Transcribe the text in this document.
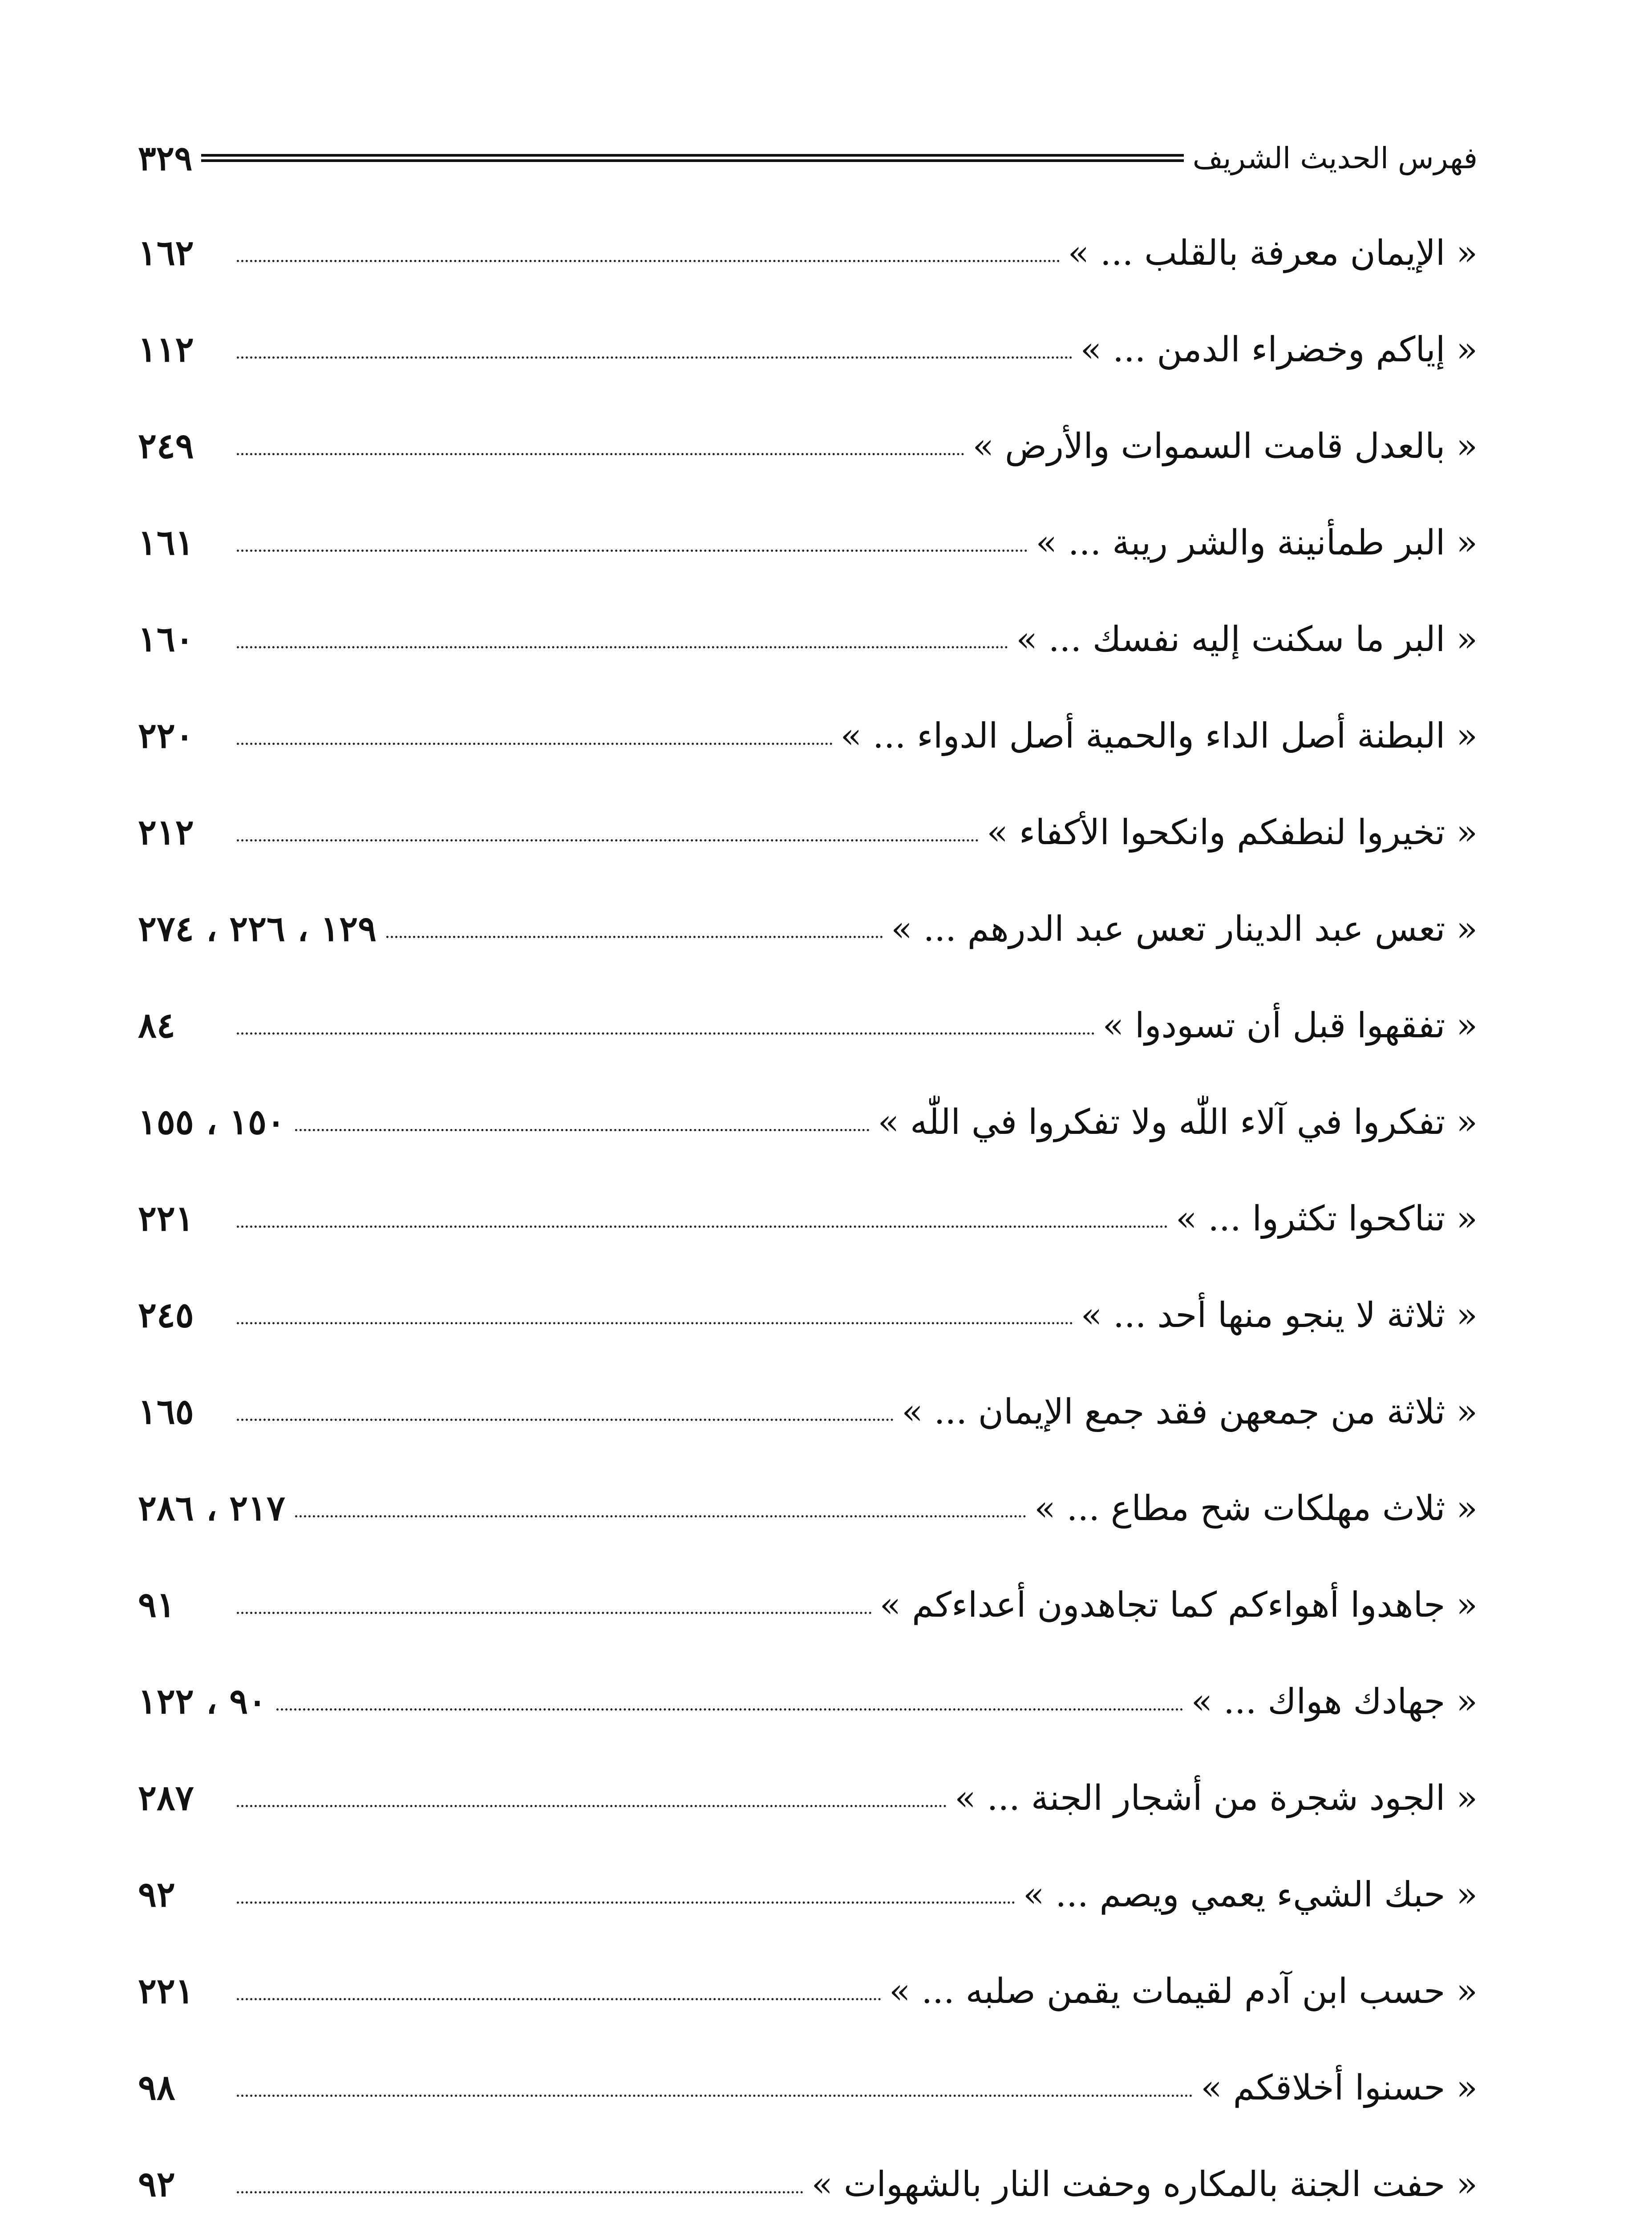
فهرس الحديث الشريف
٣٢٩
« الإيمان معرفة بالقلب ... »
١٦٢
« إياكم وخضراء الدمن ... »
١١٢
« بالعدل قامت السموات والأرض »
٢٤٩
« البر طمأنينة والشر ريبة ... »
١٦١
« البر ما سكنت إليه نفسك ... »
١٦٠
« البطنة أصل الداء والحمية أصل الدواء ... »
٢٢٠
« تخيروا لنطفكم وانكحوا الأكفاء »
٢١٢
« تعس عبد الدينار تعس عبد الدرهم ... »
١٢٩ ، ٢٢٦ ، ٢٧٤
« تفقهوا قبل أن تسودوا »
٨٤
« تفكروا في آلاء اللّٰه ولا تفكروا في اللّٰه »
١٥٠ ، ١٥٥
« تناكحوا تكثروا ... »
٢٢١
« ثلاثة لا ينجو منها أحد ... »
٢٤٥
« ثلاثة من جمعهن فقد جمع الإيمان ... »
١٦٥
« ثلاث مهلكات شح مطاع ... »
٢١٧ ، ٢٨٦
« جاهدوا أهواءكم كما تجاهدون أعداءكم »
٩١
« جهادك هواك ... »
٩٠ ، ١٢٢
« الجود شجرة من أشجار الجنة ... »
٢٨٧
« حبك الشيء يعمي ويصم ... »
٩٢
« حسب ابن آدم لقيمات يقمن صلبه ... »
٢٢١
« حسنوا أخلاقكم »
٩٨
« حفت الجنة بالمكاره وحفت النار بالشهوات »
٩٢
